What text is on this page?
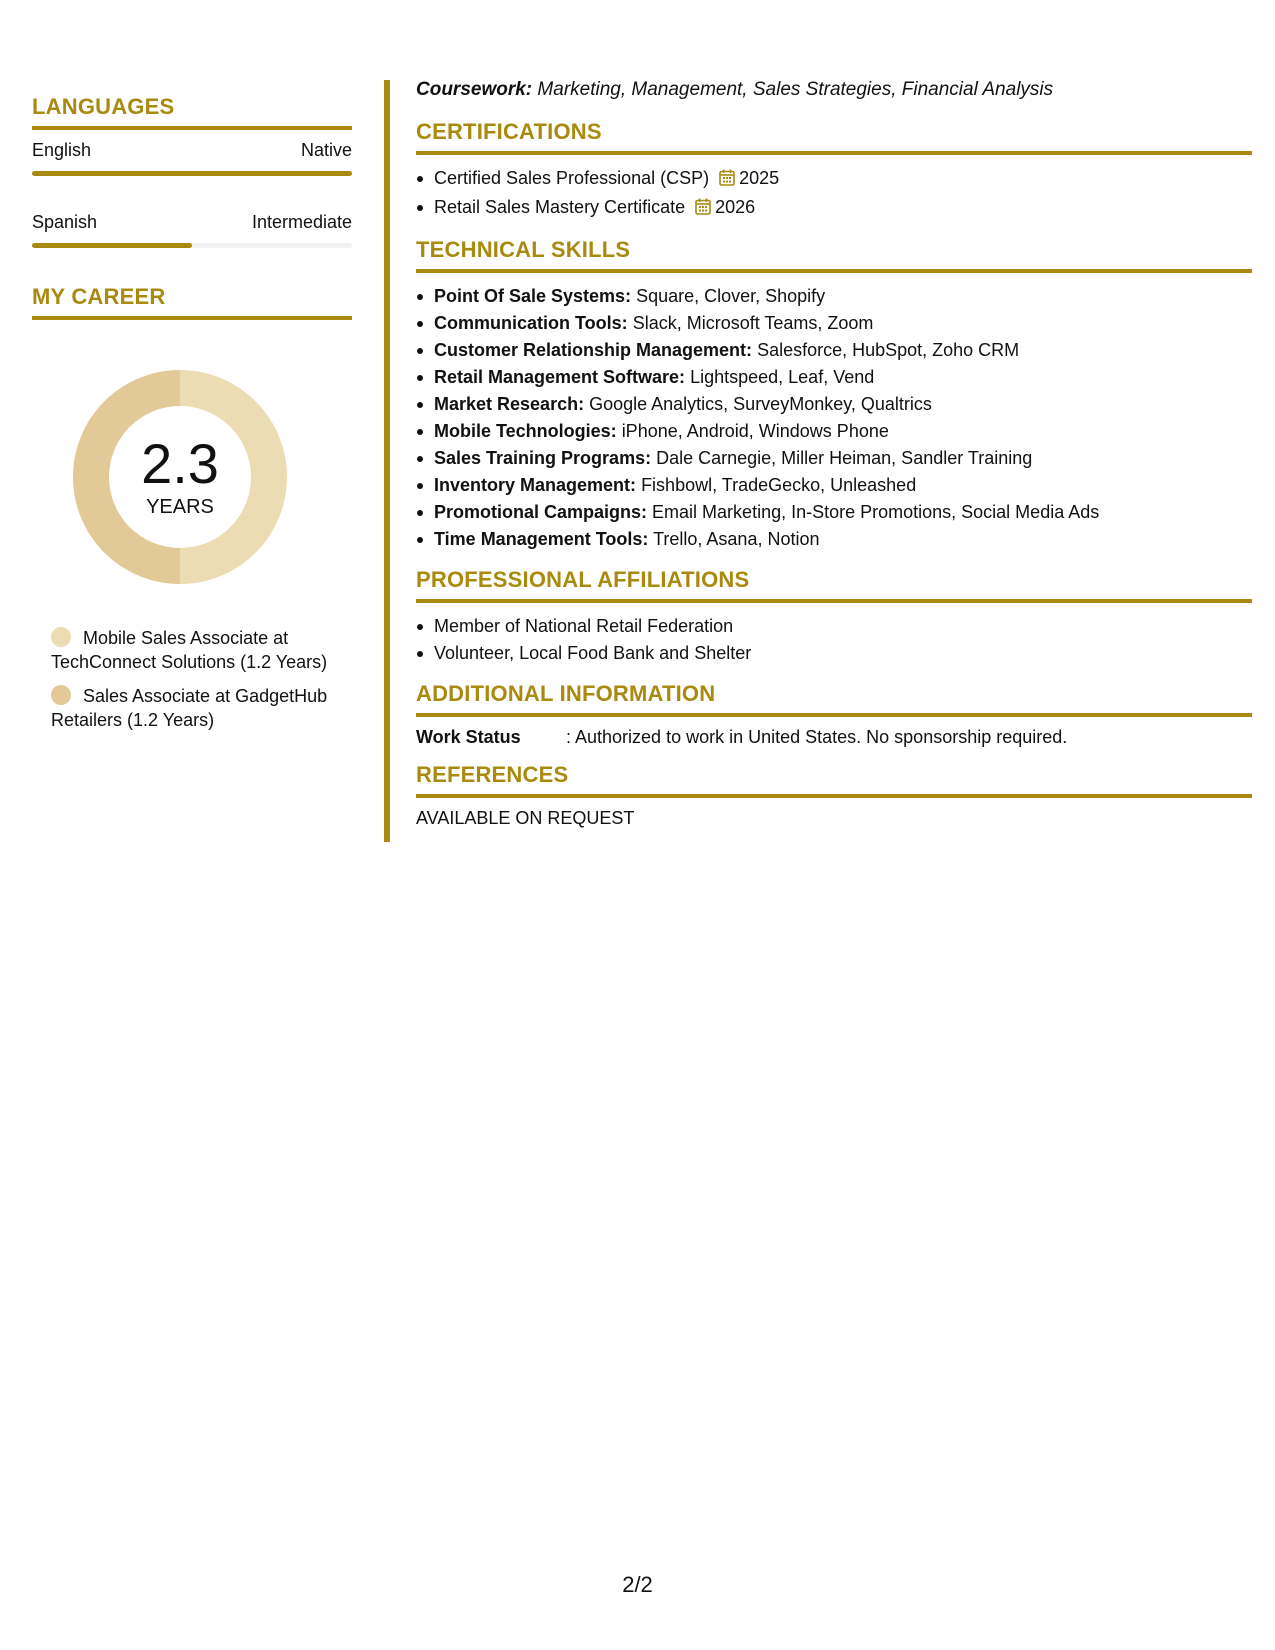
LANGUAGES
English	Native
Spanish	Intermediate
MY CAREER
2.3
YEARS
Mobile Sales Associate at TechConnect Solutions (1.2 Years)
Sales Associate at GadgetHub Retailers (1.2 Years)
Coursework: Marketing, Management, Sales Strategies, Financial Analysis
CERTIFICATIONS
Certified Sales Professional (CSP) 2025
Retail Sales Mastery Certificate 2026
TECHNICAL SKILLS
Point Of Sale Systems: Square, Clover, Shopify
Communication Tools: Slack, Microsoft Teams, Zoom
Customer Relationship Management: Salesforce, HubSpot, Zoho CRM
Retail Management Software: Lightspeed, Leaf, Vend
Market Research: Google Analytics, SurveyMonkey, Qualtrics
Mobile Technologies: iPhone, Android, Windows Phone
Sales Training Programs: Dale Carnegie, Miller Heiman, Sandler Training
Inventory Management: Fishbowl, TradeGecko, Unleashed
Promotional Campaigns: Email Marketing, In-Store Promotions, Social Media Ads
Time Management Tools: Trello, Asana, Notion
PROFESSIONAL AFFILIATIONS
Member of National Retail Federation
Volunteer, Local Food Bank and Shelter
ADDITIONAL INFORMATION
Work Status	: Authorized to work in United States. No sponsorship required.
REFERENCES
AVAILABLE ON REQUEST
2/2
